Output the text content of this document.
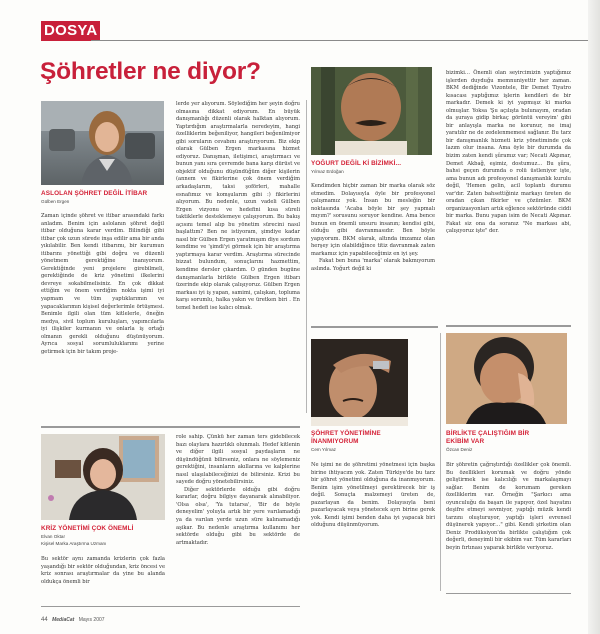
DOSYA
Şöhretler ne diyor?
ASLOLAN ŞÖHRET DEĞİL İTİBAR
Gülben Ergen
Zaman içinde şöhret ve itibar arasındaki farkı anladım. Benim için aslolanın şöhret değil itibar olduğuna karar verdim. Bilindiği gibi itibar çok uzun sürede inşa edilir ama bir anda yıkılabilir. Ben kendi itibarımı, bir kurumun itibarını yönettiği gibi doğru ve düzenli yönetmem gerektiğine inanıyorum. Gerektiğinde yeni projelere girebilmeli, gerektiğinde de kriz yönetimi ilkelerini devreye sokabilmelisiniz. En çok dikkat ettiğim ve önem verdiğim nokta işimi iyi yapmam ve tüm yaptıklarımın ve yapacaklarımın kişisel değerlerimle örtüşmesi. Benimle ilgili olan tüm kitlelerle, öneğin medya, sivil toplum kuruluşları, yapımcılarla iyi ilişkiler kurmanın ve onlarla iş ortağı olmanın gerekli olduğunu düşünüyorum. Ayrıca sosyal sorumluluklarımı yerine getirmek için bir takım proje-
lerde yer alıyorum. Söylediğim her şeyin doğru olmasına dikkat ediyorum. En büyük danışmanlığı düzenli olarak halktan alıyorum. Yaptırdığım araştırmalarla neredeyim, hangi özelliklerim beğeniliyor, hangileri beğenilmiyor gibi soruların cevabını araştırıyorum. Biz ekip olarak Gülben Ergen markasına hizmet ediyoruz. Danışman, iletişimci, araştırmacı ve bunun yanı sıra çevremde bana karşı dürüst ve objektif olduğunu düşündüğüm diğer kişilerin (annem ve fikirlerine çok önem verdiğim arkadaşlarım, taksi şoförleri, mahalle esnafımız ve komşularım gibi :) fikirlerini alıyorum. Bu nedenle, uzun vadeli Gülben Ergen vizyonu ve hedefini kısa süreli taktiklerle desteklemeye çalışıyorum. Bu bakış açısını temel alıp bu yönetim sürecini nasıl başlattım? Ben ne istiyoram, şimdiye kadar nasıl bir Gülben Ergen yaratmışım diye sordum kendime ve 'şimdi'yi görmek için bir araştırma yaptırmaya karar verdim. Araştırma sürecinde bizzat bulundum, sonuçlarını hazmettim, kendime dersler çıkardım. O günden bugüne danışmanlarla birlikte Gülben Ergen itibarı üzerinde ekip olarak çalışıyoruz. Gülben Ergen markası iyi iş yapan, samimi, çalışkan, topluma karşı sorumlu, halka yakın ve üretken biri . En temel hedefi ise kalıcı olmak.
YOĞURT DEĞİL Kİ BİZİMKİ...
Yılmaz Erdoğan

Kendimden hiçbir zaman bir marka olarak söz etmedim. Dolayısıyla öyle bir profesyonel çalışmamız yok. İnsan bu mesleğin bir noktasında 'Acaba böyle bir şey yapmalı mıyım?' sorusunu soruyor kendine. Ama bence bunun en önemli unsuru insanın; kendisi gibi, olduğu gibi davranmasıdır. Ben böyle yapıyorum. BKM olarak, altında imzamız olan herşey için olabildiğince titiz davranmak zaten markamız için yapabileceğimiz en iyi şey.

Fakat ben buna 'marka' olarak bakmıyorum aslında. Yoğurt değil ki

bizimki… Önemli olan seyircimizin yaptığımız işlerden duyduğu memnuniyettir her zaman. BKM dediğinde Vizontele, Bir Demet Tiyatro kısacası yaptığımız işlerin kendileri de bir markadır. Demek ki iyi yapmışız ki marka olmuşlar. Yoksa 'Şu açılışta bulunayım, oradan da şuraya gidip birkaç görüntü vereyim' gibi bir anlayışla marka ne korunur, ne imaj yaratılır ne de zedelenmemesi sağlanır. Bu tarz bir danışmanlık hizmeti kriz yönetiminde çok lazım olur insana. Ama öyle bir durumda da bizim zaten kendi şûramız var; Necati Akpınar, Demet Akbağ, eşimiz, dostumuz… Bu şûra, bahsi geçen durumda o rolü üstleniyor işte, ama bunun adı profesyonel danışmanlık kurulu değil, 'Hemen gelin, acil toplantı durumu var'dır. Zaten bahsettiğiniz markayı üreten de oradan çıkan fikirler ve çözümler. BKM organizasyonları artık eğlence sektöründe ciddi bir marka. Bunu yapan isim de Necati Akpınar. Fakat siz ona da soranız "Ne markası abi, çalışıyoruz işte" der.
KRİZ YÖNETİMİ ÇOK ÖNEMLİ
Elvan Oktar
Kişisel Marka Araştırma Uzmanı
Bu sektör aynı zamanda krizlerin çok fazla yaşandığı bir sektör olduğundan, kriz öncesi ve kriz sonrası araştırmalar da yine bu alanda oldukça önemli bir

role sahip. Çünkü her zaman ters gidebilecek bazı olaylara hazırlıklı olunmalı. Hedef kitlenin ve diğer ilgili sosyal paydaşların ne düşündüğünü bilirseniz, onlara ne söylemeniz gerektiğini, insanların akıllarına ve kalplerine nasıl ulaşılabileceğinizi de bilirsiniz. Krizi bu sayede doğru yönetebilirsiniz.

Diğer sektörlerde olduğu gibi doğru kararlar, doğru bilgiye dayanarak alınabiliyor. 'Olsa olsa', 'Ya tutarsa', 'Bir de böyle deneyelim' yoluyla artık bir yere varılamadığı ya da varılan yerde uzun süre kalınamadığı aşikar. Bu nedenle araştırma kullanımı her sektörde olduğu gibi bu sektörde de artmaktadır.

ŞÖHRET YÖNETİMİNE
İNANMIYORUM
Cem Yılmaz
Ne işimi ne de şöhretimi yönetmesi için başka birine ihtiyacım yok. Zaten Türkiye'de bu tarz bir şöhret yönetimi olduğuna da inanmıyorum. Benim işim yönetilmeyi gerektirecek bir iş değil. Sonuçta malzemeyi üreten de, pazarlayan da benim. Dolayısıyla beni pazarlayacak veya yönetecek ayrı birine gerek yok. Kendi işimi benden daha iyi yapacak biri olduğunu düşünmüyorum.
BİRLİKTE ÇALIŞTIĞIM BİR
EKİBİM VAR
Özcan Deniz
Bir şöhretin çağrıştırdığı özellikler çok önemli. Bu özellikleri korumak ve doğru yönde geliştirmek ise kalıcılığı ve markalaşmayı sağlar. Benim de korumam gereken özelliklerim var. Örneğin "Şarkıcı ama oyunculuğu da başarı ile yapıyor, özel hayatını deşifre etmeyi sevmiyor, yaptığı müzik kendi tarzını oluşturuyor, yaptığı işleri evrensel düşünerek yapıyor…" gibi. Kendi şirketim olan Deniz Prodüksiyon'da birlikte çalıştığım çok değerli, deneyimli bir ekibim var. Tüm kararları beyin fırtınası yaparak birlikte veriyoruz.
44 MediaCat Mayıs 2007
